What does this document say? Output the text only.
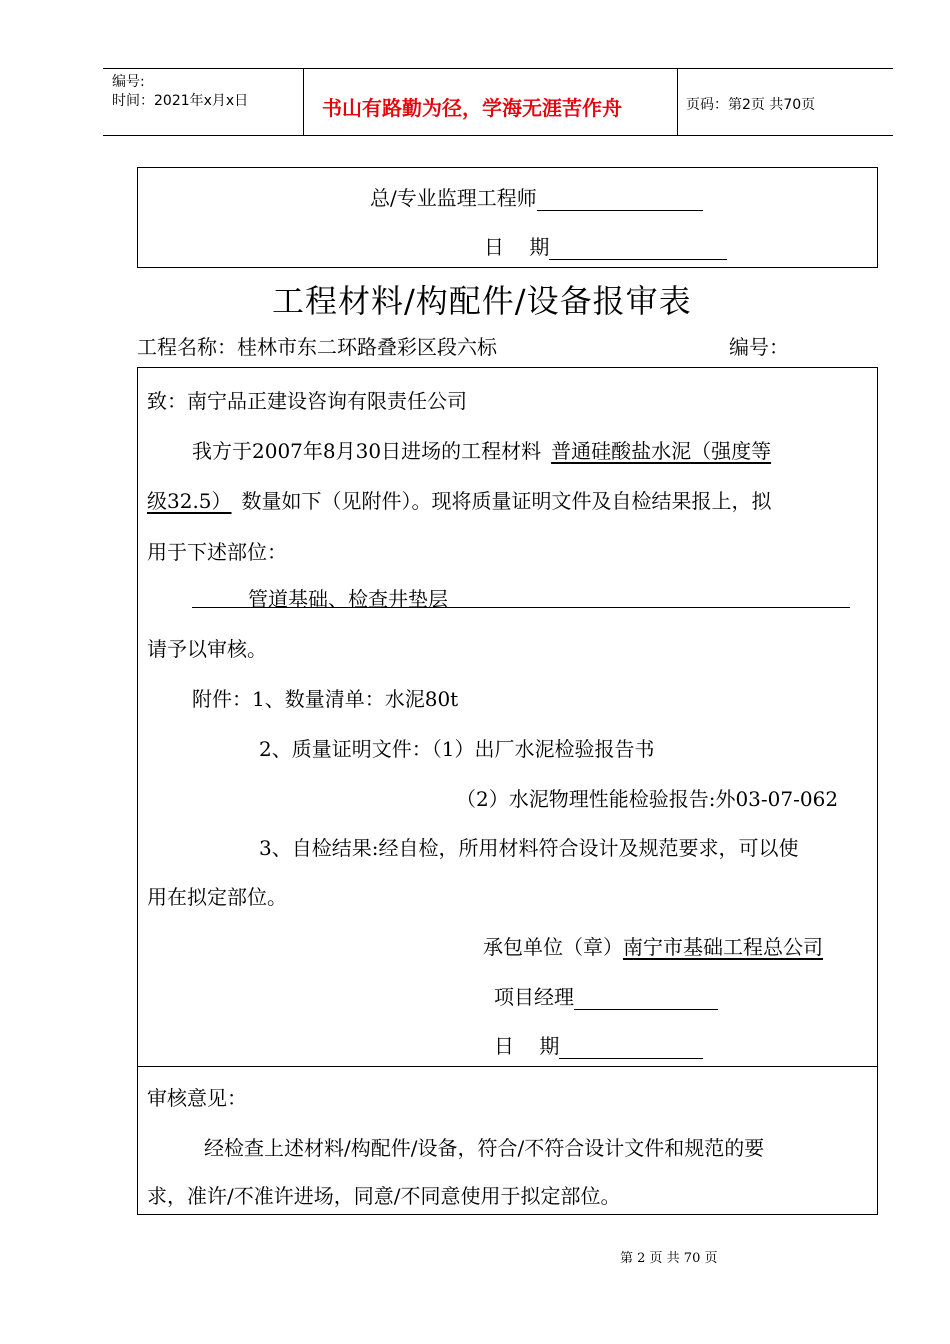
编号:
时间：2021年x月x日	书山有路勤为径，学海无涯苦作舟	页码：第2页 共70页
总/专业监理工程师
日    期
工程材料/构配件/设备报审表
工程名称：桂林市东二环路叠彩区段六标	编号：
致：南宁品正建设咨询有限责任公司
我方于2007年8月30日进场的工程材料 普通硅酸盐水泥（强度等
级32.5） 数量如下（见附件）。现将质量证明文件及自检结果报上，拟
用于下述部位：
管道基础、检查井垫层
请予以审核。
附件：1、数量清单：水泥80t
2、质量证明文件：（1）出厂水泥检验报告书
（2）水泥物理性能检验报告:外03-07-062
3、自检结果:经自检，所用材料符合设计及规范要求，可以使
用在拟定部位。
承包单位（章）南宁市基础工程总公司
项目经理
日    期
审核意见：
经检查上述材料/构配件/设备，符合/不符合设计文件和规范的要
求，准许/不准许进场，同意/不同意使用于拟定部位。
第 2 页 共 70 页
